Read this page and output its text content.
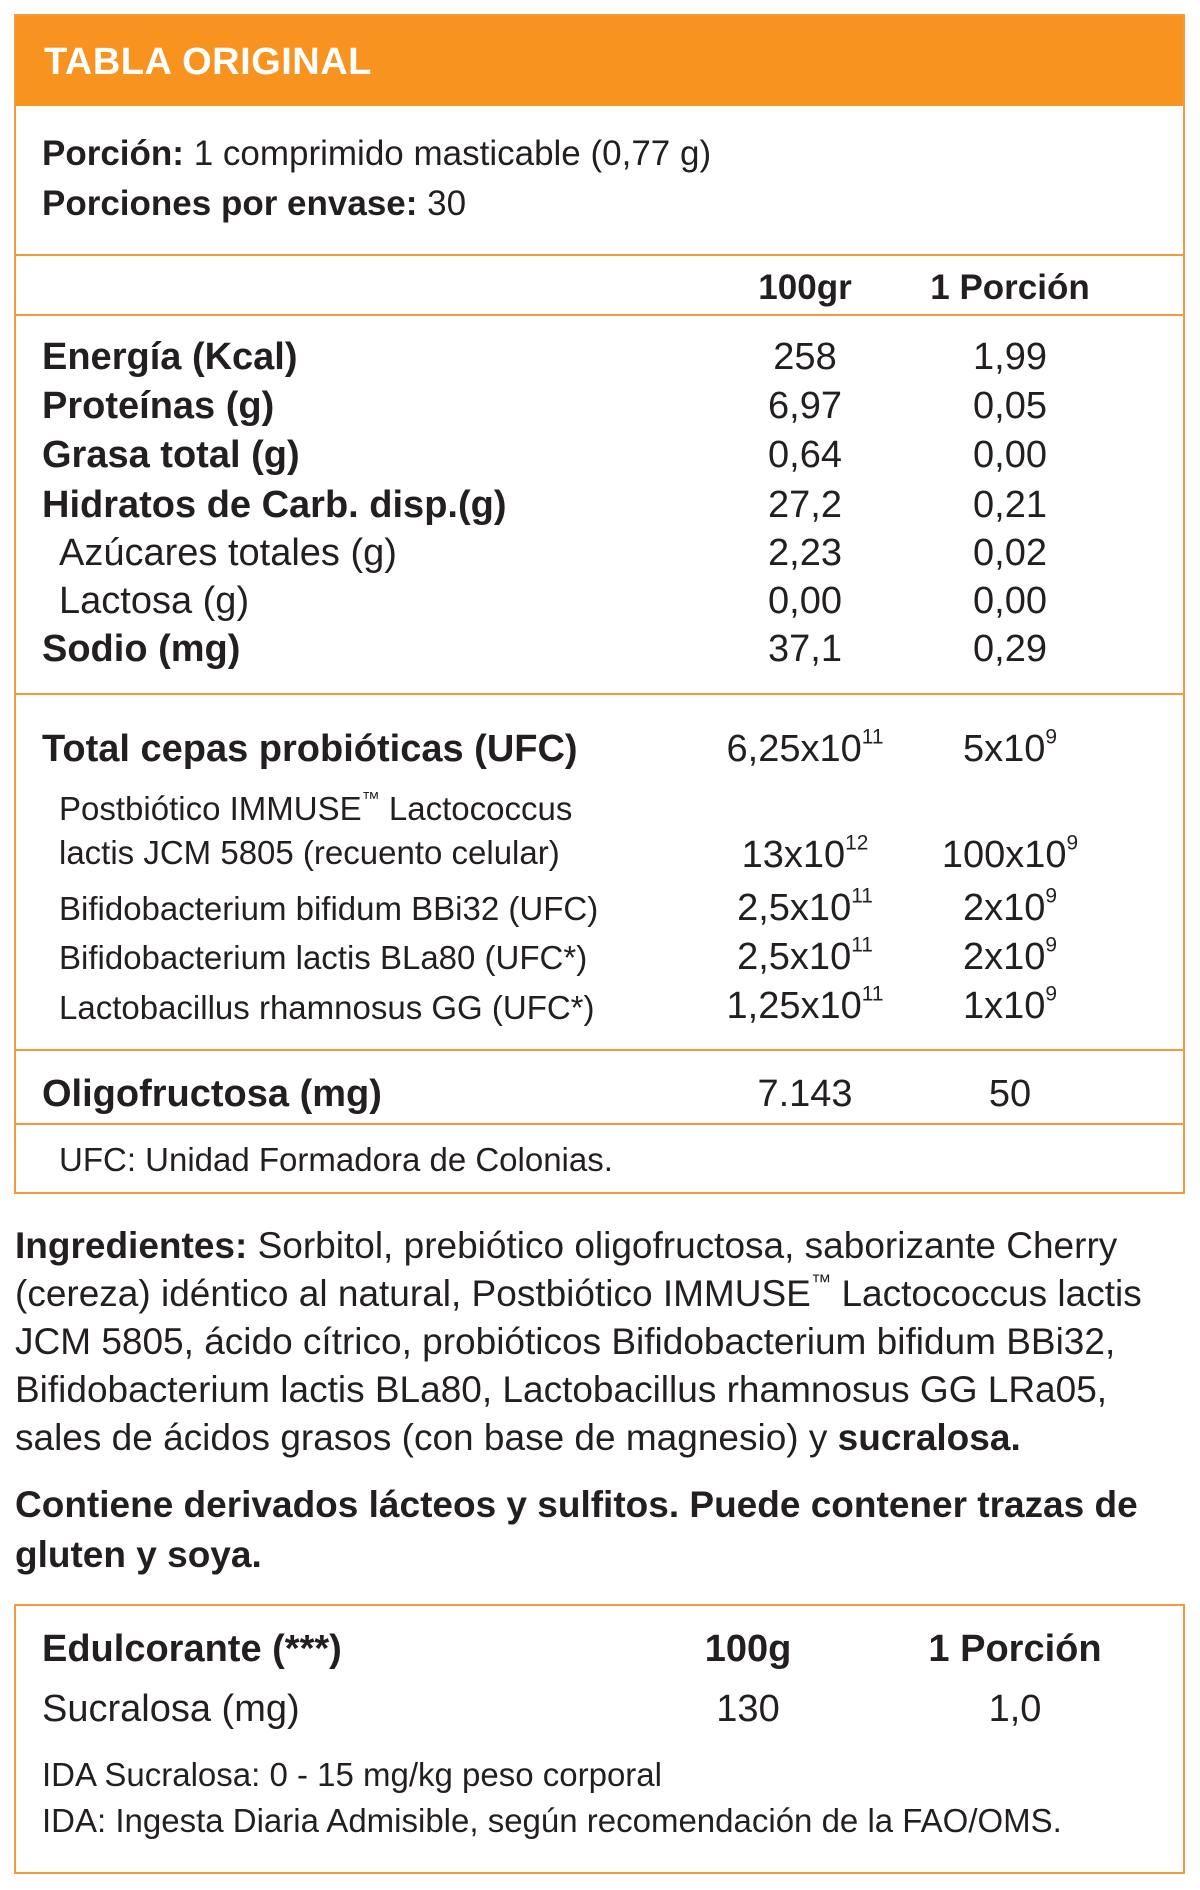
TABLA ORIGINAL
Porción: 1 comprimido masticable (0,77 g)
Porciones por envase: 30
100gr	1 Porción
Energía (Kcal)	258	1,99
Proteínas (g)	6,97	0,05
Grasa total (g)	0,64	0,00
Hidratos de Carb. disp.(g)	27,2	0,21
Azúcares totales (g)	2,23	0,02
Lactosa (g)	0,00	0,00
Sodio (mg)	37,1	0,29
Total cepas probióticas (UFC)	$6,25x10^{11}$	$5x10^9$
Postbiótico IMMUSE™ Lactococcus
lactis JCM 5805 (recuento celular)	$13x10^{12}$	$100x10^9$
Bifidobacterium bifidum BBi32 (UFC)	$2,5x10^{11}$	$2x10^9$
Bifidobacterium lactis BLa80 (UFC*)	$2,5x10^{11}$	$2x10^9$
Lactobacillus rhamnosus GG (UFC*)	$1,25x10^{11}$	$1x10^9$
Oligofructosa (mg)	7.143	50
UFC: Unidad Formadora de Colonias.
Ingredientes: Sorbitol, prebiótico oligofructosa, saborizante Cherry (cereza) idéntico al natural, Postbiótico IMMUSE™ Lactococcus lactis JCM 5805, ácido cítrico, probióticos Bifidobacterium bifidum BBi32, Bifidobacterium lactis BLa80, Lactobacillus rhamnosus GG LRa05, sales de ácidos grasos (con base de magnesio) y sucralosa.
Contiene derivados lácteos y sulfitos. Puede contener trazas de gluten y soya.
Edulcorante (***)	100g	1 Porción
Sucralosa (mg)	130	1,0
IDA Sucralosa: 0 - 15 mg/kg peso corporal
IDA: Ingesta Diaria Admisible, según recomendación de la FAO/OMS.
